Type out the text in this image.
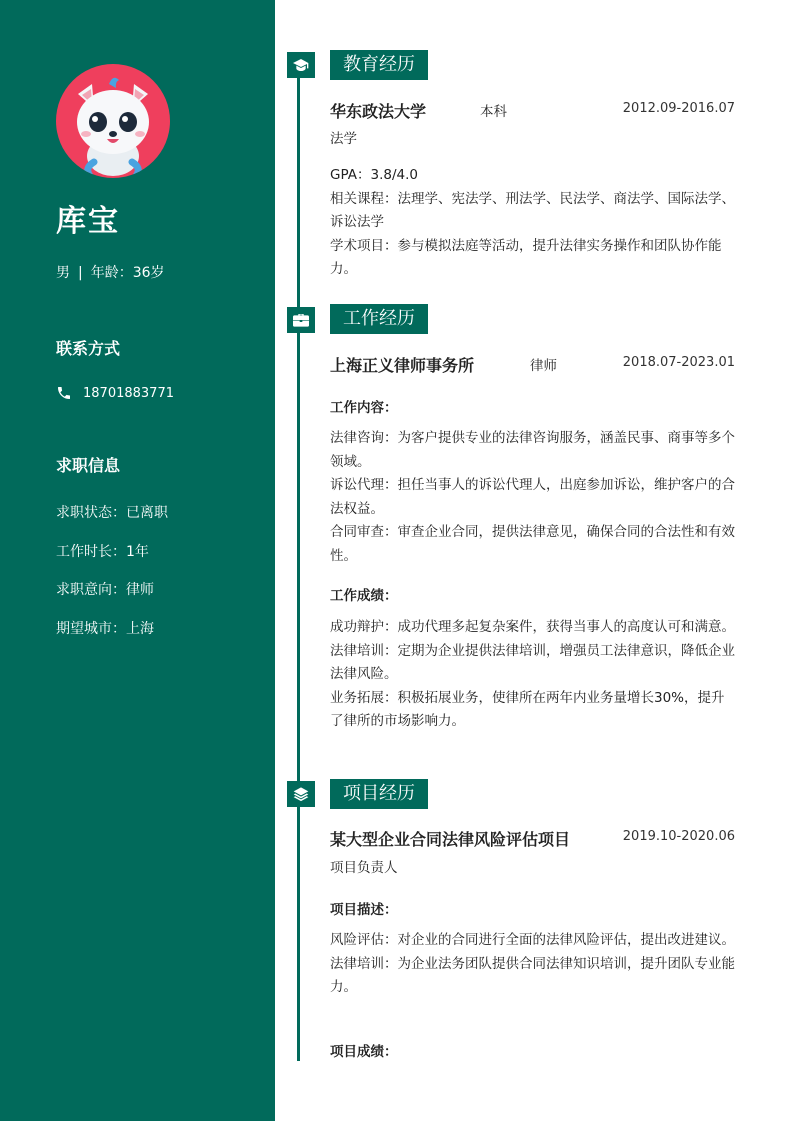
库宝
男 | 年龄：36岁
联系方式
18701883771
求职信息
求职状态：已离职
工作时长：1年
求职意向：律师
期望城市：上海
教育经历
华东政法大学	本科	2012.09-2016.07
法学
GPA：3.8/4.0
相关课程：法理学、宪法学、刑法学、民法学、商法学、国际法学、诉讼法学
学术项目：参与模拟法庭等活动，提升法律实务操作和团队协作能力。
工作经历
上海正义律师事务所	律师	2018.07-2023.01
工作内容：
法律咨询：为客户提供专业的法律咨询服务，涵盖民事、商事等多个领域。
诉讼代理：担任当事人的诉讼代理人，出庭参加诉讼，维护客户的合法权益。
合同审查：审查企业合同，提供法律意见，确保合同的合法性和有效性。
工作成绩：
成功辩护：成功代理多起复杂案件，获得当事人的高度认可和满意。
法律培训：定期为企业提供法律培训，增强员工法律意识，降低企业法律风险。
业务拓展：积极拓展业务，使律所在两年内业务量增长30%，提升了律所的市场影响力。
项目经历
某大型企业合同法律风险评估项目	2019.10-2020.06
项目负责人
项目描述：
风险评估：对企业的合同进行全面的法律风险评估，提出改进建议。
法律培训：为企业法务团队提供合同法律知识培训，提升团队专业能力。
项目成绩：
